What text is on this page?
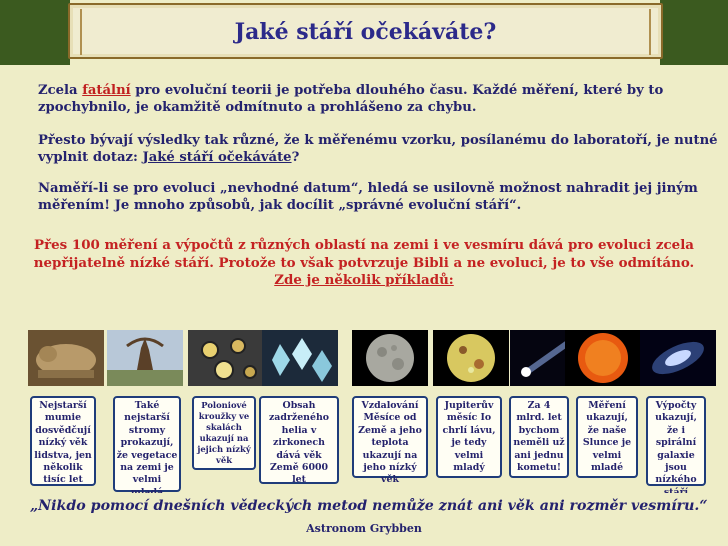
Jaké stáří očekáváte?
Zcela fatální pro evoluční teorii je potřeba dlouhého času. Každé měření, které by to zpochybnilo, je okamžitě odmítnuto a prohlášeno za chybu.
Přesto bývají výsledky tak různé, že k měřenému vzorku, posílanému do laboratoří, je nutné vyplnit dotaz: Jaké stáří očekáváte?
Naměří-li se pro evoluci „nevhodné datum“, hledá se usilovně možnost nahradit jej jiným měřením! Je mnoho způsobů, jak docílit „správné evoluční stáří“.
Přes 100 měření a výpočtů z různých oblastí na zemi i ve vesmíru dává pro evoluci zcela
nepřijatelně nízké stáří. Protože to však potvrzuje Bibli a ne evoluci, je to vše odmítáno.
Zde je několik příkladů:
Nejstarší mumie dosvědčují nízký věk lidstva, jen několik tisíc let
Také nejstarší stromy prokazují, že vegetace na zemi je velmi
Poloniové kroužky ve skalách ukazují na jejich nízký věk
Obsah zadrženého helia v zirkonech dává věk Země 6000 let
Vzdalování Měsíce od Země a jeho teplota ukazují na jeho nízký věk
Jupiterův měsíc Io chrlí lávu, je tedy velmi mladý
Za 4 mlrd. let bychom neměli už ani jednu kometu!
Měření ukazují, že naše Slunce je velmi mladé
Výpočty ukazují, že i spirální galaxie jsou nízkého
„Nikdo pomocí dnešních vědeckých metod nemůže znát ani věk ani rozměr vesmíru.“
Astronom Grybben
